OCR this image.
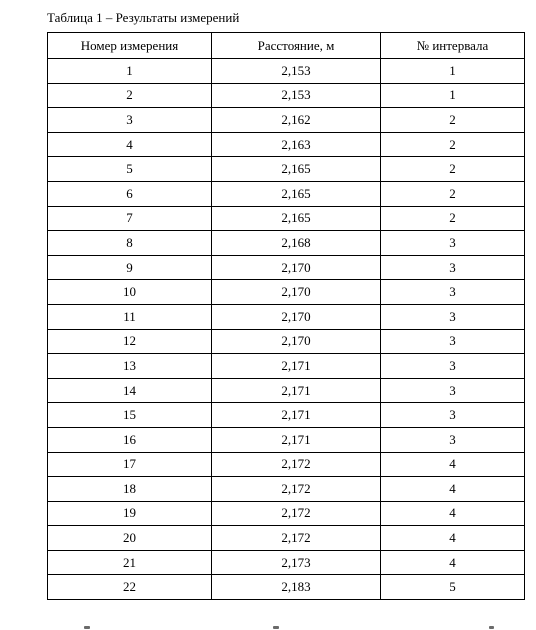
Таблица 1 – Результаты измерений
Номер измерения	Расстояние, м	№ интервала
1	2,153	1
2	2,153	1
3	2,162	2
4	2,163	2
5	2,165	2
6	2,165	2
7	2,165	2
8	2,168	3
9	2,170	3
10	2,170	3
11	2,170	3
12	2,170	3
13	2,171	3
14	2,171	3
15	2,171	3
16	2,171	3
17	2,172	4
18	2,172	4
19	2,172	4
20	2,172	4
21	2,173	4
22	2,183	5
